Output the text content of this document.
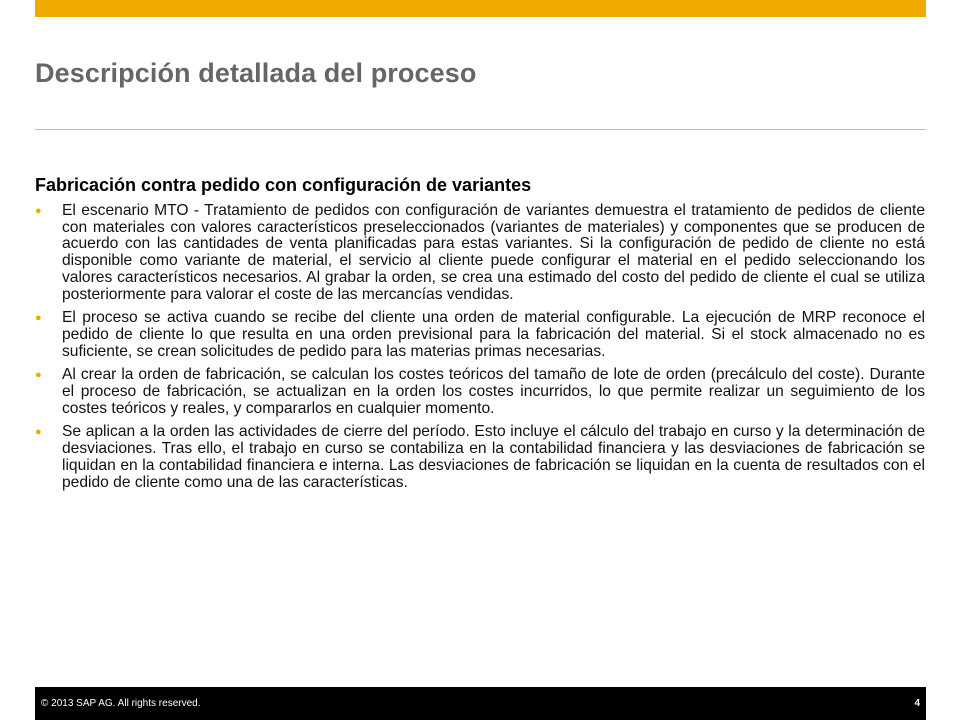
Descripción detallada del proceso
Fabricación contra pedido con configuración de variantes
●	El escenario MTO - Tratamiento de pedidos con configuración de variantes demuestra el tratamiento de pedidos de cliente con materiales con valores característicos preseleccionados (variantes de materiales) y componentes que se producen de acuerdo con las cantidades de venta planificadas para estas variantes. Si la configuración de pedido de cliente no está disponible como variante de material, el servicio al cliente puede configurar el material en el pedido seleccionando los valores característicos necesarios. Al grabar la orden, se crea una estimado del costo del pedido de cliente el cual se utiliza posteriormente para valorar el coste de las mercancías vendidas.
●	El proceso se activa cuando se recibe del cliente una orden de material configurable. La ejecución de MRP reconoce el pedido de cliente lo que resulta en una orden previsional para la fabricación del material. Si el stock almacenado no es suficiente, se crean solicitudes de pedido para las materias primas necesarias.
●	Al crear la orden de fabricación, se calculan los costes teóricos del tamaño de lote de orden (precálculo del coste). Durante el proceso de fabricación, se actualizan en la orden los costes incurridos, lo que permite realizar un seguimiento de los costes teóricos y reales, y compararlos en cualquier momento.
●	Se aplican a la orden las actividades de cierre del período. Esto incluye el cálculo del trabajo en curso y la determinación de desviaciones. Tras ello, el trabajo en curso se contabiliza en la contabilidad financiera y las desviaciones de fabricación se liquidan en la contabilidad financiera e interna. Las desviaciones de fabricación se liquidan en la cuenta de resultados con el pedido de cliente como una de las características.
© 2013 SAP AG. All rights reserved.	4
